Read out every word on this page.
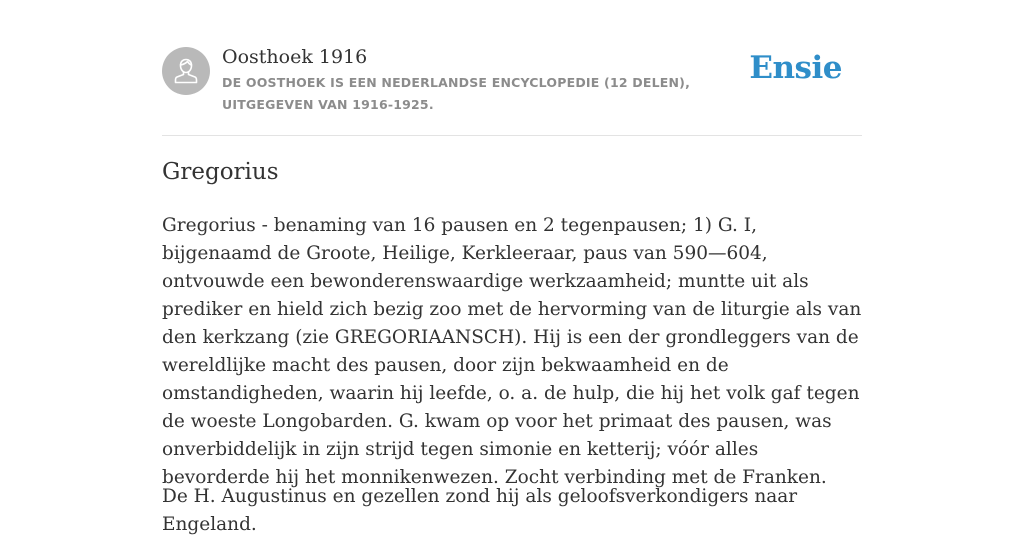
Oosthoek 1916
DE OOSTHOEK IS EEN NEDERLANDSE ENCYCLOPEDIE (12 DELEN), UITGEGEVEN VAN 1916-1925.
Ensie
Gregorius

Gregorius - benaming van 16 pausen en 2 tegenpausen; 1) G. I, bijgenaamd de Groote, Heilige, Kerkleeraar, paus van 590—604, ontvouwde een bewonderenswaardige werkzaamheid; muntte uit als prediker en hield zich bezig zoo met de hervorming van de liturgie als van den kerkzang (zie GREGORIAANSCH). Hij is een der grondleggers van de wereldlijke macht des pausen, door zijn bekwaamheid en de omstandigheden, waarin hij leefde, o. a. de hulp, die hij het volk gaf tegen de woeste Longobarden. G. kwam op voor het primaat des pausen, was onverbiddelijk in zijn strijd tegen simonie en ketterij; vóór alles bevorderde hij het monnikenwezen. Zocht verbinding met de Franken.

De H. Augustinus en gezellen zond hij als geloofsverkondigers naar Engeland.
